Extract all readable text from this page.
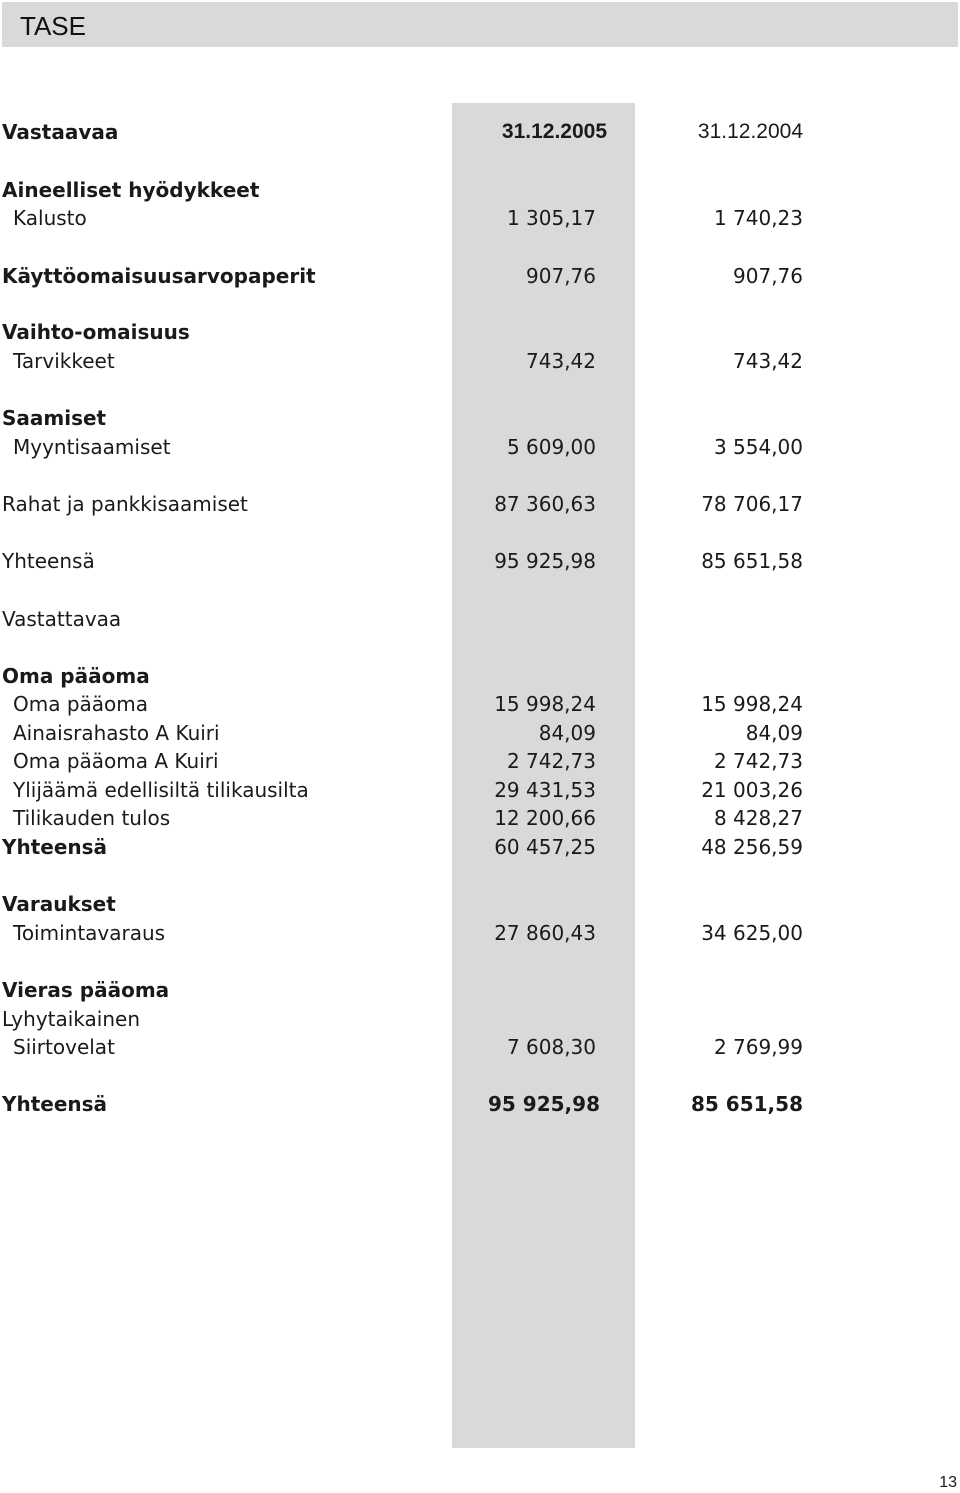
TASE
Vastaavaa	31.12.2005	31.12.2004
Aineelliset hyödykkeet
Kalusto	1 305,17	1 740,23
Käyttöomaisuusarvopaperit	907,76	907,76
Vaihto-omaisuus
Tarvikkeet	743,42	743,42
Saamiset
Myyntisaamiset	5 609,00	3 554,00
Rahat ja pankkisaamiset	87 360,63	78 706,17
Yhteensä	95 925,98	85 651,58
Vastattavaa
Oma pääoma
Oma pääoma	15 998,24	15 998,24
Ainaisrahasto A Kuiri	84,09	84,09
Oma pääoma A Kuiri	2 742,73	2 742,73
Ylijäämä edellisiltä tilikausilta	29 431,53	21 003,26
Tilikauden tulos	12 200,66	8 428,27
Yhteensä	60 457,25	48 256,59
Varaukset
Toimintavaraus	27 860,43	34 625,00
Vieras pääoma
Lyhytaikainen
Siirtovelat	7 608,30	2 769,99
Yhteensä	95 925,98	85 651,58
13
